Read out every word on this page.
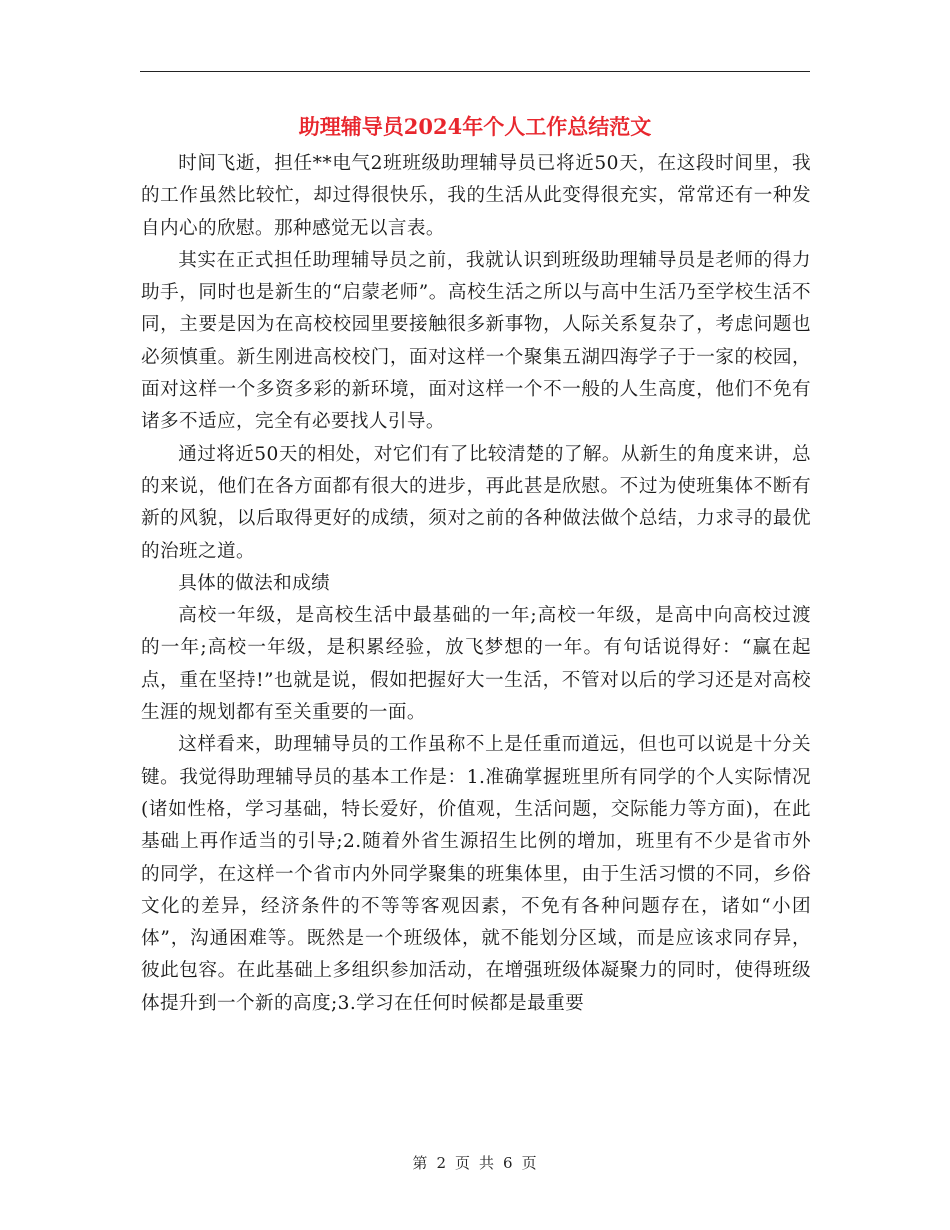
助理辅导员2024年个人工作总结范文

时间飞逝，担任**电气2班班级助理辅导员已将近50天，在这段时间里，我的工作虽然比较忙，却过得很快乐，我的生活从此变得很充实，常常还有一种发自内心的欣慰。那种感觉无以言表。

其实在正式担任助理辅导员之前，我就认识到班级助理辅导员是老师的得力助手，同时也是新生的“启蒙老师”。高校生活之所以与高中生活乃至学校生活不同，主要是因为在高校校园里要接触很多新事物，人际关系复杂了，考虑问题也必须慎重。新生刚进高校校门，面对这样一个聚集五湖四海学子于一家的校园，面对这样一个多资多彩的新环境，面对这样一个不一般的人生高度，他们不免有诸多不适应，完全有必要找人引导。

通过将近50天的相处，对它们有了比较清楚的了解。从新生的角度来讲，总的来说，他们在各方面都有很大的进步，再此甚是欣慰。不过为使班集体不断有新的风貌，以后取得更好的成绩，须对之前的各种做法做个总结，力求寻的最优的治班之道。

具体的做法和成绩

高校一年级，是高校生活中最基础的一年;高校一年级，是高中向高校过渡的一年;高校一年级，是积累经验，放飞梦想的一年。有句话说得好：“赢在起点，重在坚持!”也就是说，假如把握好大一生活，不管对以后的学习还是对高校生涯的规划都有至关重要的一面。

这样看来，助理辅导员的工作虽称不上是任重而道远，但也可以说是十分关键。我觉得助理辅导员的基本工作是：1.准确掌握班里所有同学的个人实际情况(诸如性格，学习基础，特长爱好，价值观，生活问题，交际能力等方面)，在此基础上再作适当的引导;2.随着外省生源招生比例的增加，班里有不少是省市外的同学，在这样一个省市内外同学聚集的班集体里，由于生活习惯的不同，乡俗文化的差异，经济条件的不等等客观因素，不免有各种问题存在，诸如“小团体”，沟通困难等。既然是一个班级体，就不能划分区域，而是应该求同存异，彼此包容。在此基础上多组织参加活动，在增强班级体凝聚力的同时，使得班级体提升到一个新的高度;3.学习在任何时候都是最重要

第 2 页 共 6 页
